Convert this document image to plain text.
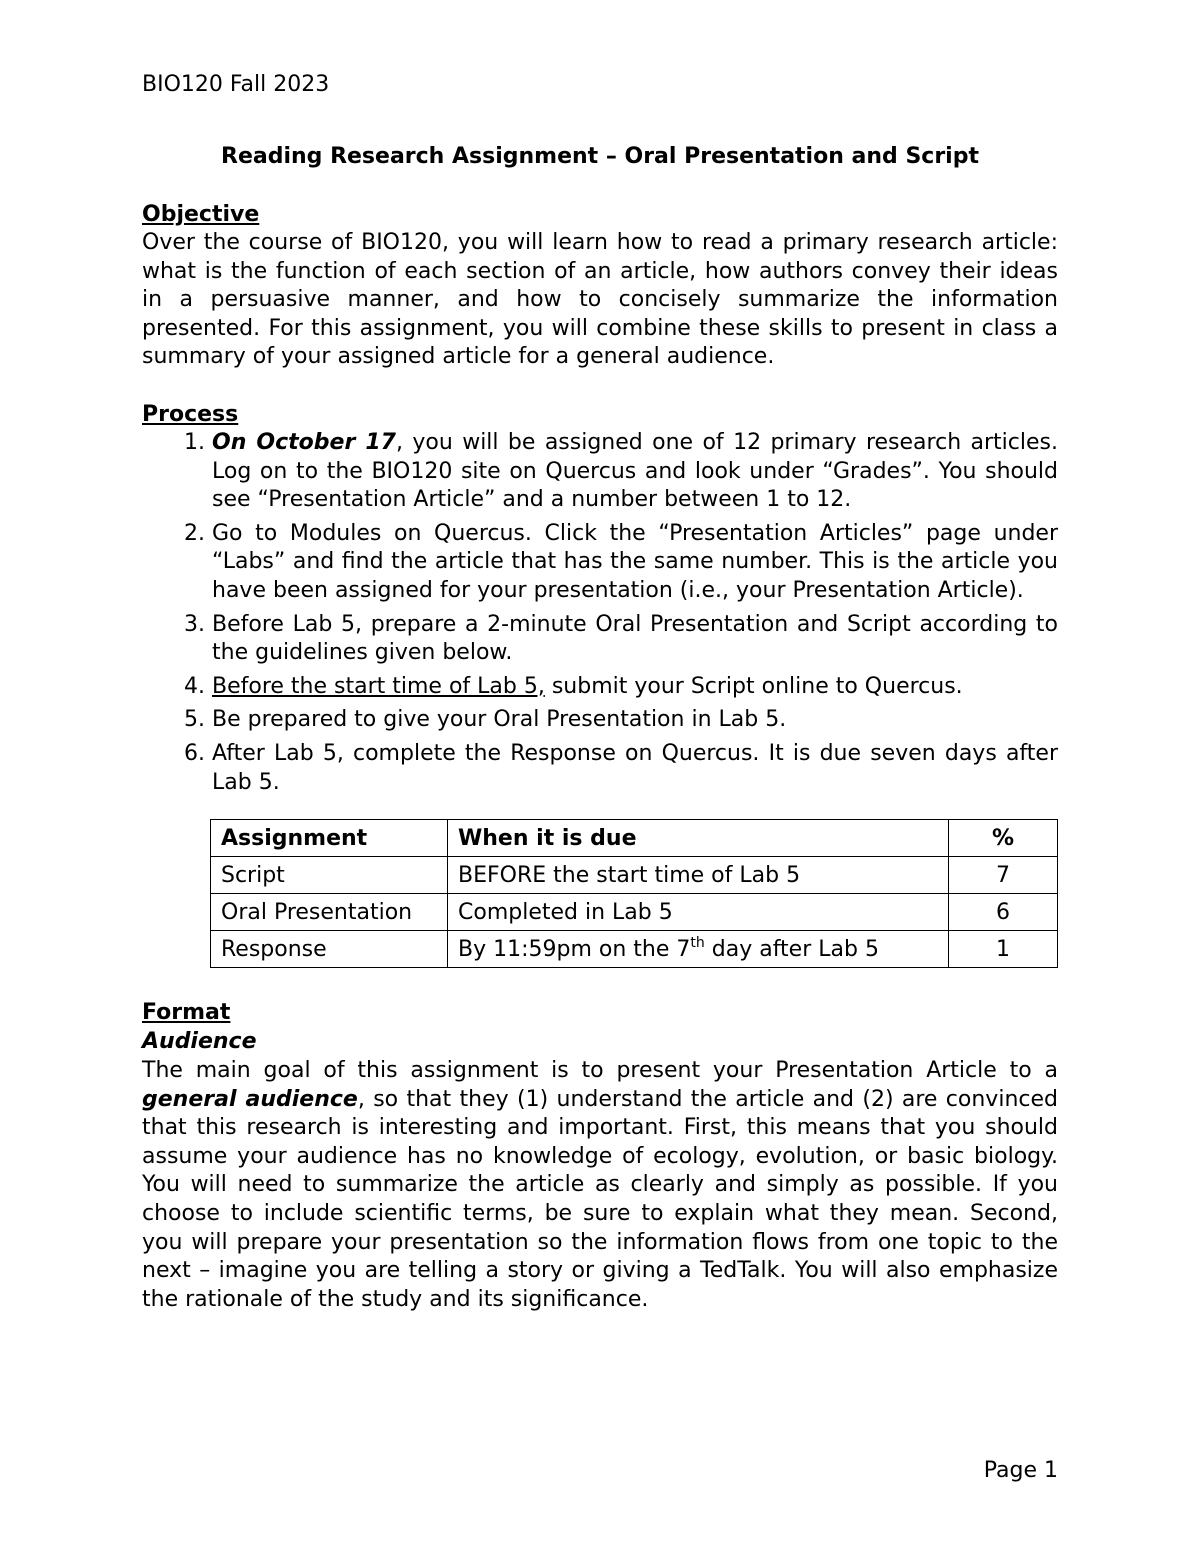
BIO120 Fall 2023
Reading Research Assignment – Oral Presentation and Script

Objective

Over the course of BIO120, you will learn how to read a primary research article: what is the function of each section of an article, how authors convey their ideas in a persuasive manner, and how to concisely summarize the information presented. For this assignment, you will combine these skills to present in class a summary of your assigned article for a general audience.

Process

1. On October 17, you will be assigned one of 12 primary research articles. Log on to the BIO120 site on Quercus and look under “Grades”. You should see “Presentation Article” and a number between 1 to 12.
2. Go to Modules on Quercus. Click the “Presentation Articles” page under “Labs” and find the article that has the same number. This is the article you have been assigned for your presentation (i.e., your Presentation Article).
3. Before Lab 5, prepare a 2-minute Oral Presentation and Script according to the guidelines given below.
4. Before the start time of Lab 5, submit your Script online to Quercus.
5. Be prepared to give your Oral Presentation in Lab 5.
6. After Lab 5, complete the Response on Quercus. It is due seven days after Lab 5.
Assignment	When it is due	%
Script	BEFORE the start time of Lab 5	7
Oral Presentation	Completed in Lab 5	6
Response	By 11:59pm on the 7th day after Lab 5	1

Format

Audience

The main goal of this assignment is to present your Presentation Article to a general audience, so that they (1) understand the article and (2) are convinced that this research is interesting and important. First, this means that you should assume your audience has no knowledge of ecology, evolution, or basic biology. You will need to summarize the article as clearly and simply as possible. If you choose to include scientific terms, be sure to explain what they mean. Second, you will prepare your presentation so the information flows from one topic to the next – imagine you are telling a story or giving a TedTalk. You will also emphasize the rationale of the study and its significance.

Page 1
